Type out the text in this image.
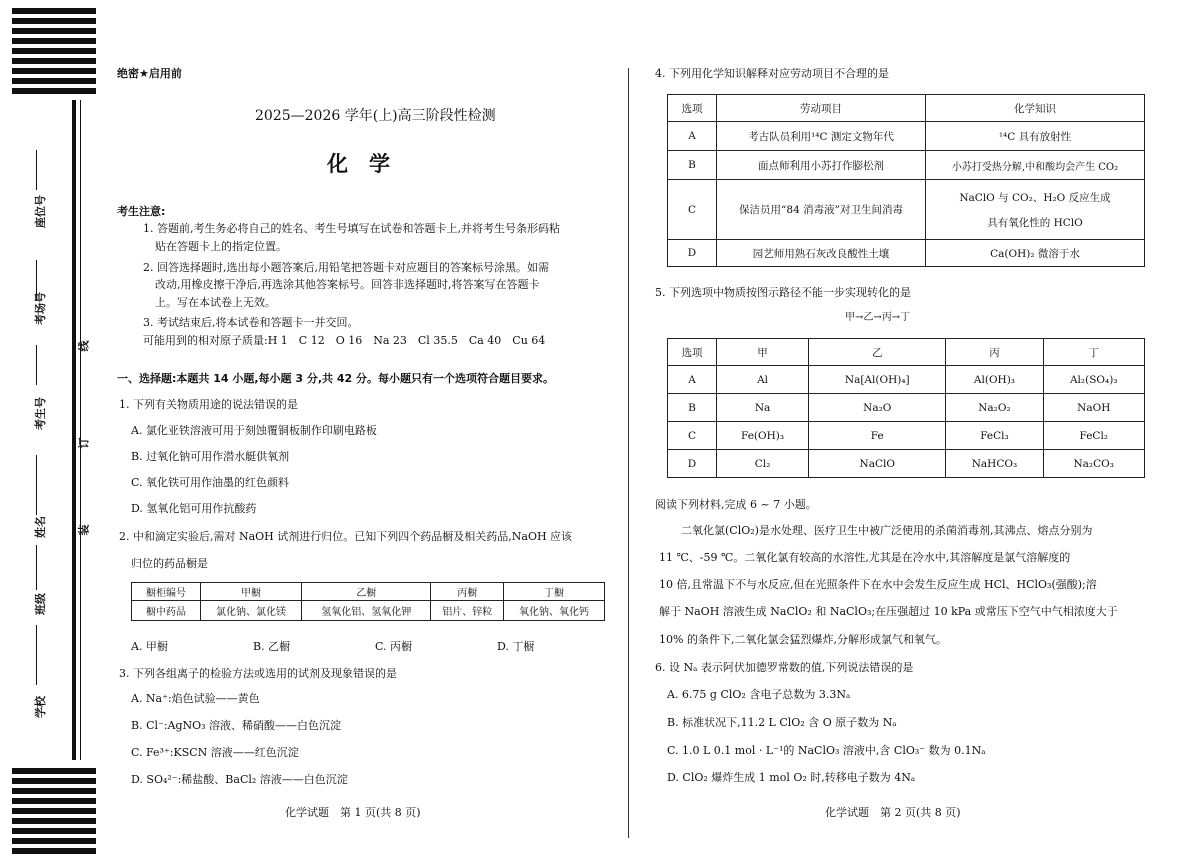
座位号
考场号
考生号
姓名
班级
学校
线
订
装
绝密★启用前
2025—2026 学年(上)高三阶段性检测
化　学
考生注意:
1. 答题前,考生务必将自己的姓名、考生号填写在试卷和答题卡上,并将考生号条形码粘
贴在答题卡上的指定位置。
2. 回答选择题时,选出每小题答案后,用铅笔把答题卡对应题目的答案标号涂黑。如需
改动,用橡皮擦干净后,再选涂其他答案标号。回答非选择题时,将答案写在答题卡
上。写在本试卷上无效。
3. 考试结束后,将本试卷和答题卡一并交回。
可能用到的相对原子质量:H 1　C 12　O 16　Na 23　Cl 35.5　Ca 40　Cu 64
一、选择题:本题共 14 小题,每小题 3 分,共 42 分。每小题只有一个选项符合题目要求。
1. 下列有关物质用途的说法错误的是
A. 氯化亚铁溶液可用于刻蚀覆铜板制作印刷电路板
B. 过氧化钠可用作潜水艇供氧剂
C. 氧化铁可用作油墨的红色颜料
D. 氢氧化铝可用作抗酸药
2. 中和滴定实验后,需对 NaOH 试剂进行归位。已知下列四个药品橱及相关药品,NaOH 应该
归位的药品橱是
橱柜编号	甲橱	乙橱	丙橱	丁橱
橱中药品	氯化钠、氯化镁	氢氧化铝、氢氧化钾	铝片、锌粒	氧化钠、氧化钙
A. 甲橱	B. 乙橱	C. 丙橱	D. 丁橱
3. 下列各组离子的检验方法或选用的试剂及现象错误的是
A. Na⁺:焰色试验——黄色
B. Cl⁻:AgNO₃ 溶液、稀硝酸——白色沉淀
C. Fe³⁺:KSCN 溶液——红色沉淀
D. SO₄²⁻:稀盐酸、BaCl₂ 溶液——白色沉淀
化学试题　第 1 页(共 8 页)
4. 下列用化学知识解释对应劳动项目不合理的是
选项	劳动项目	化学知识
A	考古队员利用¹⁴C 测定文物年代	¹⁴C 具有放射性
B	面点师利用小苏打作膨松剂	小苏打受热分解,中和酸均会产生 CO₂
C	保洁员用“84 消毒液”对卫生间消毒	NaClO 与 CO₂、H₂O 反应生成
具有氧化性的 HClO

D	园艺师用熟石灰改良酸性土壤	Ca(OH)₂ 微溶于水
5. 下列选项中物质按图示路径不能一步实现转化的是
甲→乙→丙→丁
选项	甲	乙	丙	丁
A	Al	Na[Al(OH)₄]	Al(OH)₃	Al₂(SO₄)₃
B	Na	Na₂O	Na₂O₂	NaOH
C	Fe(OH)₃	Fe	FeCl₃	FeCl₂
D	Cl₂	NaClO	NaHCO₃	Na₂CO₃
阅读下列材料,完成 6 ~ 7 小题。
二氧化氯(ClO₂)是水处理、医疗卫生中被广泛使用的杀菌消毒剂,其沸点、熔点分别为
11 ℃、-59 ℃。二氧化氯有较高的水溶性,尤其是在冷水中,其溶解度是氯气溶解度的
10 倍,且常温下不与水反应,但在光照条件下在水中会发生反应生成 HCl、HClO₃(强酸);溶
解于 NaOH 溶液生成 NaClO₂ 和 NaClO₃;在压强超过 10 kPa 或常压下空气中气相浓度大于
10% 的条件下,二氧化氯会猛烈爆炸,分解形成氯气和氧气。
6. 设 Nₐ 表示阿伏加德罗常数的值,下列说法错误的是
A. 6.75 g ClO₂ 含电子总数为 3.3Nₐ
B. 标准状况下,11.2 L ClO₂ 含 O 原子数为 Nₐ
C. 1.0 L 0.1 mol · L⁻¹的 NaClO₃ 溶液中,含 ClO₃⁻ 数为 0.1Nₐ
D. ClO₂ 爆炸生成 1 mol O₂ 时,转移电子数为 4Nₐ
化学试题　第 2 页(共 8 页)
